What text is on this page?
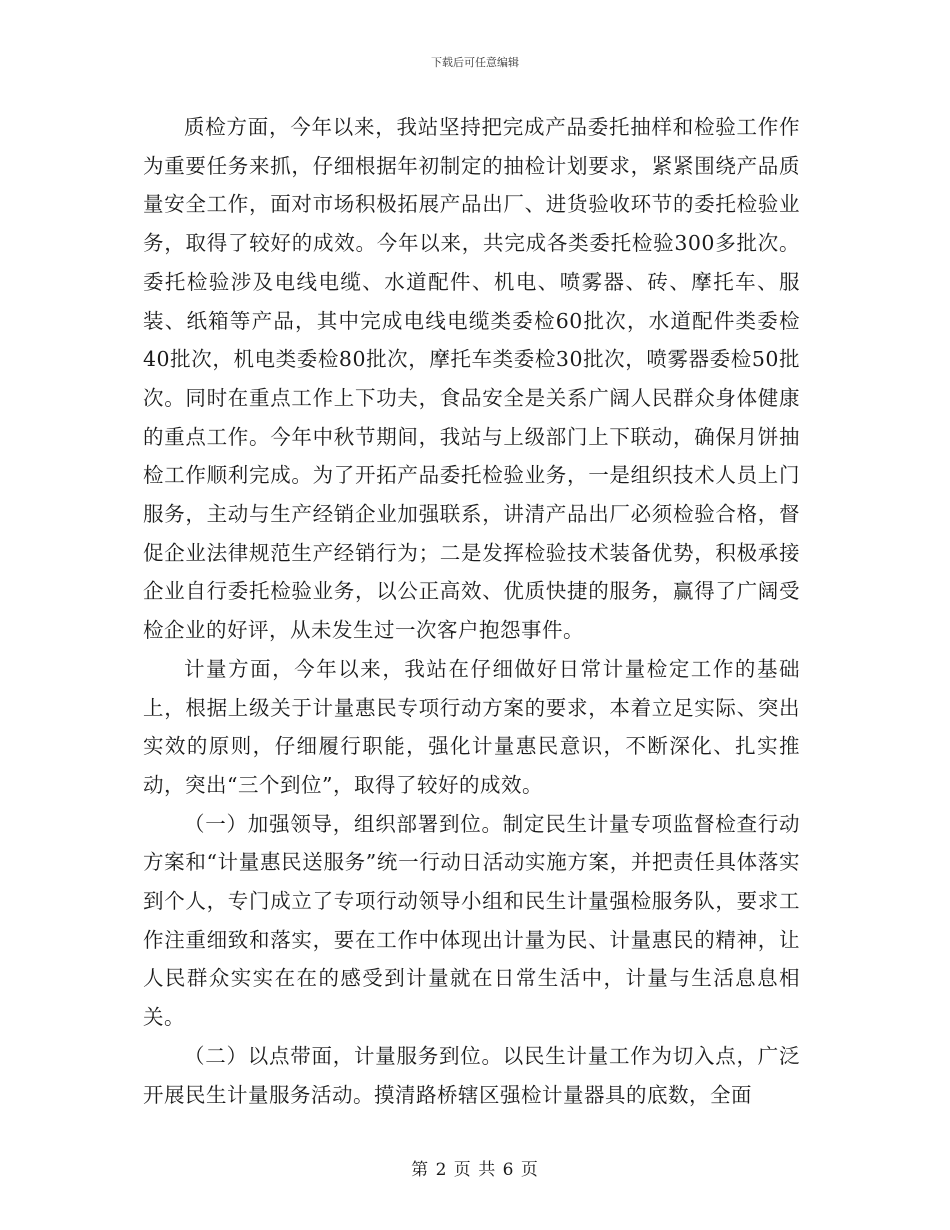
下载后可任意编辑

质检方面，今年以来，我站坚持把完成产品委托抽样和检验工作作为重要任务来抓，仔细根据年初制定的抽检计划要求，紧紧围绕产品质量安全工作，面对市场积极拓展产品出厂、进货验收环节的委托检验业务，取得了较好的成效。今年以来，共完成各类委托检验300多批次。委托检验涉及电线电缆、水道配件、机电、喷雾器、砖、摩托车、服装、纸箱等产品，其中完成电线电缆类委检60批次，水道配件类委检40批次，机电类委检80批次，摩托车类委检30批次，喷雾器委检50批次。同时在重点工作上下功夫，食品安全是关系广阔人民群众身体健康的重点工作。今年中秋节期间，我站与上级部门上下联动，确保月饼抽检工作顺利完成。为了开拓产品委托检验业务，一是组织技术人员上门服务，主动与生产经销企业加强联系，讲清产品出厂必须检验合格，督促企业法律规范生产经销行为；二是发挥检验技术装备优势，积极承接企业自行委托检验业务，以公正高效、优质快捷的服务，赢得了广阔受检企业的好评，从未发生过一次客户抱怨事件。

计量方面，今年以来，我站在仔细做好日常计量检定工作的基础上，根据上级关于计量惠民专项行动方案的要求，本着立足实际、突出实效的原则，仔细履行职能，强化计量惠民意识，不断深化、扎实推动，突出“三个到位”，取得了较好的成效。

（一）加强领导，组织部署到位。制定民生计量专项监督检查行动方案和“计量惠民送服务”统一行动日活动实施方案，并把责任具体落实到个人，专门成立了专项行动领导小组和民生计量强检服务队，要求工作注重细致和落实，要在工作中体现出计量为民、计量惠民的精神，让人民群众实实在在的感受到计量就在日常生活中，计量与生活息息相关。

（二）以点带面，计量服务到位。以民生计量工作为切入点，广泛开展民生计量服务活动。摸清路桥辖区强检计量器具的底数，全面

第 2 页 共 6 页
